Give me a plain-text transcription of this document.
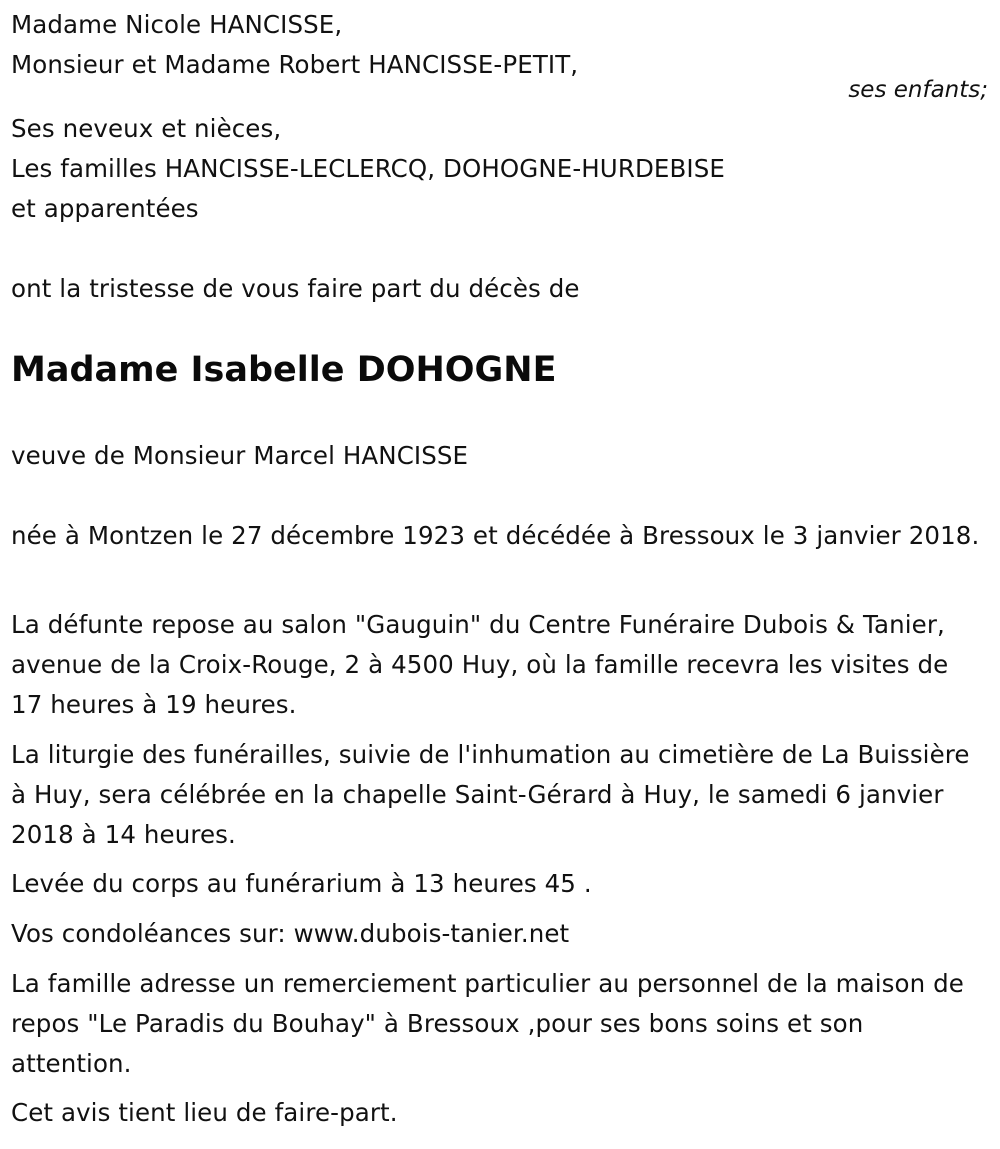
Madame Nicole HANCISSE,
Monsieur et Madame Robert HANCISSE-PETIT,
ses enfants;
Ses neveux et nièces,
Les familles HANCISSE-LECLERCQ, DOHOGNE-HURDEBISE
et apparentées
ont la tristesse de vous faire part du décès de
Madame Isabelle DOHOGNE
veuve de Monsieur Marcel HANCISSE
née à Montzen le 27 décembre 1923 et décédée à Bressoux le 3 janvier 2018.
La défunte repose au salon "Gauguin" du Centre Funéraire Dubois & Tanier, avenue de la Croix-Rouge, 2 à 4500 Huy, où la famille recevra les visites de 17 heures à 19 heures.
La liturgie des funérailles, suivie de l'inhumation au cimetière de La Buissière à Huy, sera célébrée en la chapelle Saint-Gérard à Huy, le samedi 6 janvier 2018 à 14 heures.
Levée du corps au funérarium à 13 heures 45 .
Vos condoléances sur: www.dubois-tanier.net
La famille adresse un remerciement particulier au personnel de la maison de repos "Le Paradis du Bouhay" à Bressoux ,pour ses bons soins et son attention.
Cet avis tient lieu de faire-part.
